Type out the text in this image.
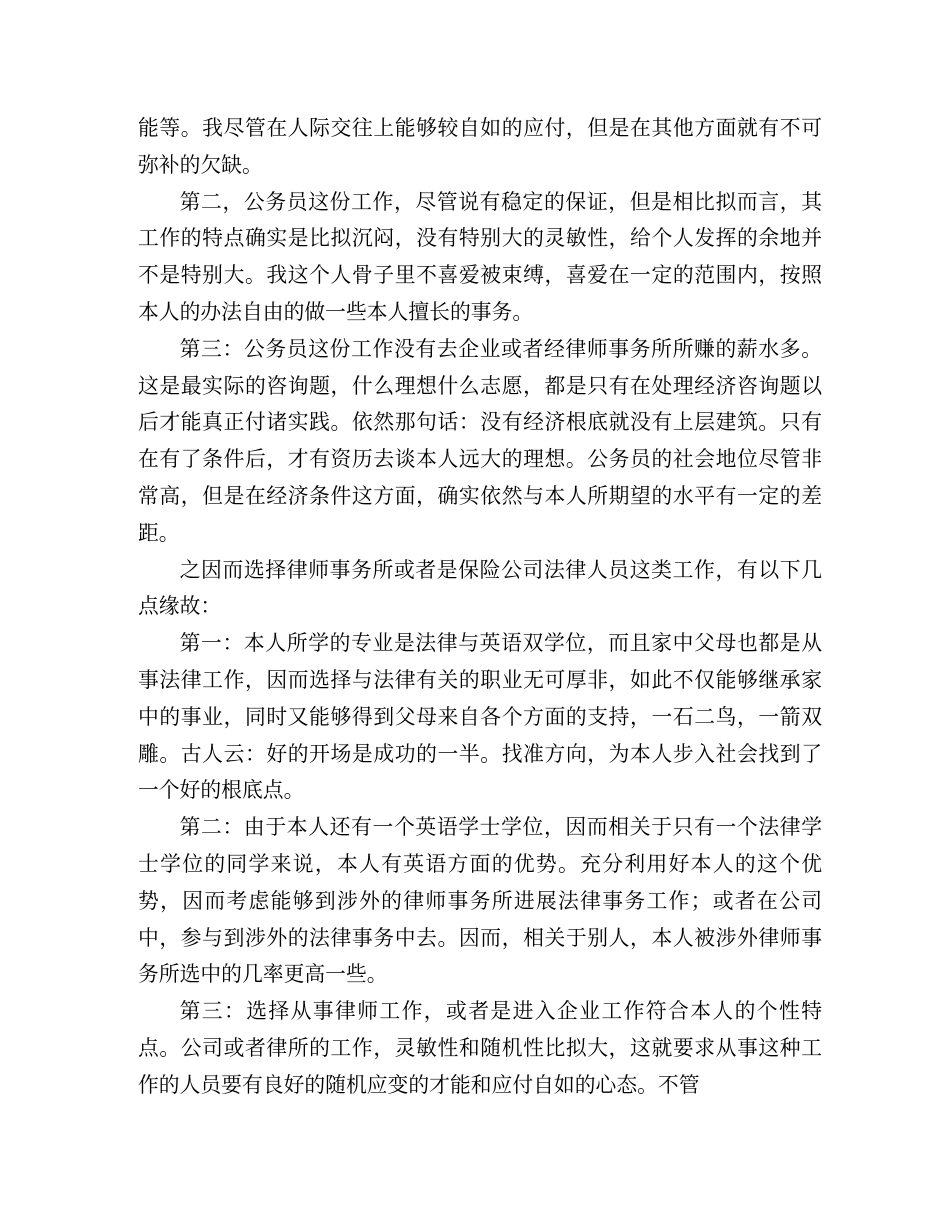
能等。我尽管在人际交往上能够较自如的应付，但是在其他方面就有不可弥补的欠缺。

第二，公务员这份工作，尽管说有稳定的保证，但是相比拟而言，其工作的特点确实是比拟沉闷，没有特别大的灵敏性，给个人发挥的余地并不是特别大。我这个人骨子里不喜爱被束缚，喜爱在一定的范围内，按照本人的办法自由的做一些本人擅长的事务。

第三：公务员这份工作没有去企业或者经律师事务所所赚的薪水多。这是最实际的咨询题，什么理想什么志愿，都是只有在处理经济咨询题以后才能真正付诸实践。依然那句话：没有经济根底就没有上层建筑。只有在有了条件后，才有资历去谈本人远大的理想。公务员的社会地位尽管非常高，但是在经济条件这方面，确实依然与本人所期望的水平有一定的差距。

之因而选择律师事务所或者是保险公司法律人员这类工作，有以下几点缘故：

第一：本人所学的专业是法律与英语双学位，而且家中父母也都是从事法律工作，因而选择与法律有关的职业无可厚非，如此不仅能够继承家中的事业，同时又能够得到父母来自各个方面的支持，一石二鸟，一箭双雕。古人云：好的开场是成功的一半。找准方向，为本人步入社会找到了一个好的根底点。

第二：由于本人还有一个英语学士学位，因而相关于只有一个法律学士学位的同学来说，本人有英语方面的优势。充分利用好本人的这个优势，因而考虑能够到涉外的律师事务所进展法律事务工作；或者在公司中，参与到涉外的法律事务中去。因而，相关于别人，本人被涉外律师事务所选中的几率更高一些。

第三：选择从事律师工作，或者是进入企业工作符合本人的个性特点。公司或者律所的工作，灵敏性和随机性比拟大，这就要求从事这种工作的人员要有良好的随机应变的才能和应付自如的心态。不管
